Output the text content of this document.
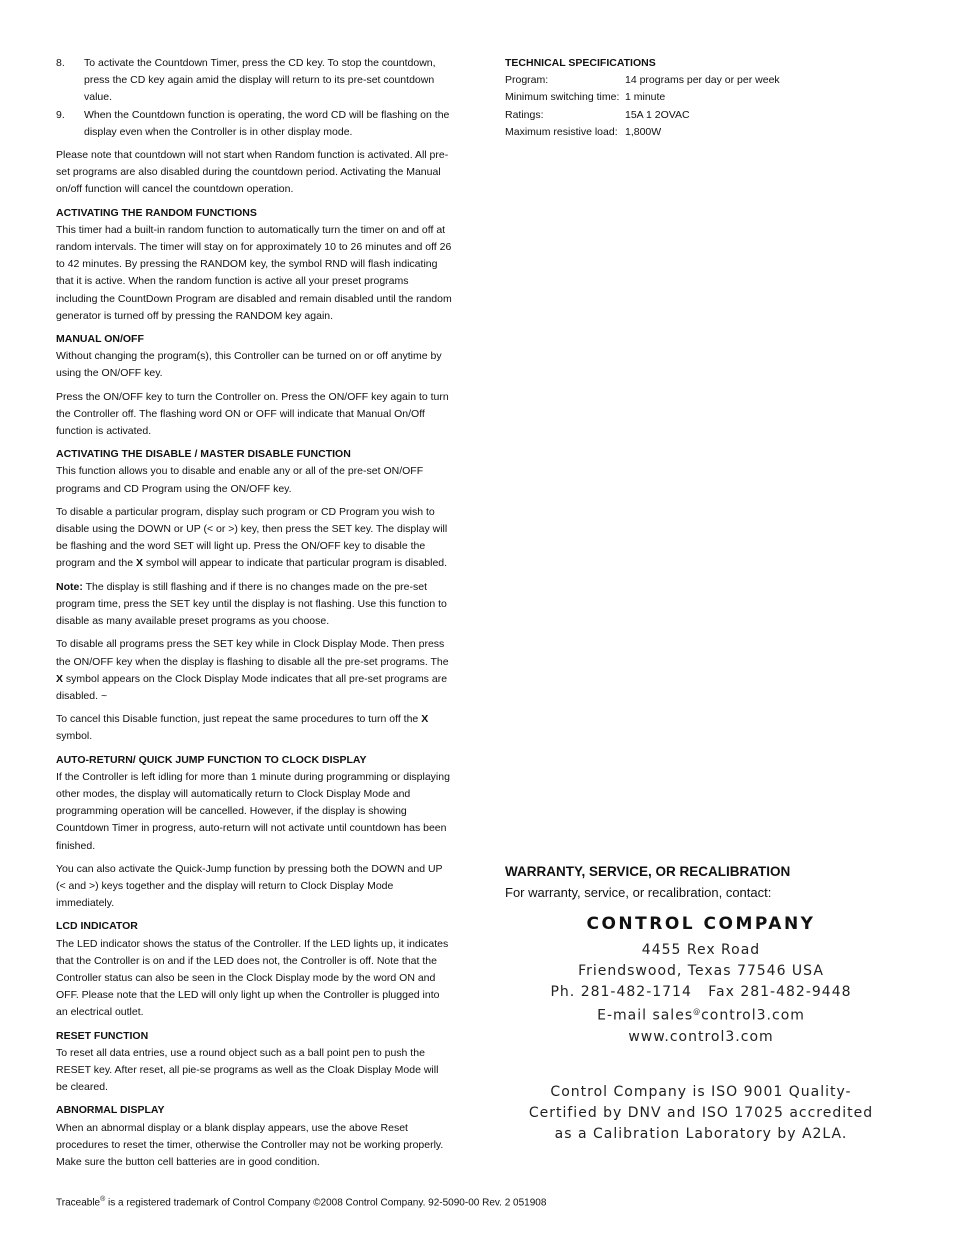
8. To activate the Countdown Timer, press the CD key. To stop the countdown, press the CD key again amid the display will return to its pre-set countdown value.
9. When the Countdown function is operating, the word CD will be flashing on the display even when the Controller is in other display mode.

Please note that countdown will not start when Random function is activated. All pre-set programs are also disabled during the countdown period. Activating the Manual on/off function will cancel the countdown operation.

ACTIVATING THE RANDOM FUNCTIONS

This timer had a built-in random function to automatically turn the timer on and off at random intervals. The timer will stay on for approximately 10 to 26 minutes and off 26 to 42 minutes. By pressing the RANDOM key, the symbol RND will flash indicating that it is active. When the random function is active all your preset programs including the CountDown Program are disabled and remain disabled until the random generator is turned off by pressing the RANDOM key again.

MANUAL ON/OFF

Without changing the program(s), this Controller can be turned on or off anytime by using the ON/OFF key.

Press the ON/OFF key to turn the Controller on. Press the ON/OFF key again to turn the Controller off. The flashing word ON or OFF will indicate that Manual On/Off function is activated.

ACTIVATING THE DISABLE / MASTER DISABLE FUNCTION

This function allows you to disable and enable any or all of the pre-set ON/OFF programs and CD Program using the ON/OFF key.

To disable a particular program, display such program or CD Program you wish to disable using the DOWN or UP (< or >) key, then press the SET key. The display will be flashing and the word SET will light up. Press the ON/OFF key to disable the program and the X symbol will appear to indicate that particular program is disabled.

Note: The display is still flashing and if there is no changes made on the pre-set program time, press the SET key until the display is not flashing. Use this function to disable as many available preset programs as you choose.

To disable all programs press the SET key while in Clock Display Mode. Then press the ON/OFF key when the display is flashing to disable all the pre-set programs. The X symbol appears on the Clock Display Mode indicates that all pre-set programs are disabled. ~

To cancel this Disable function, just repeat the same procedures to turn off the X symbol.

AUTO-RETURN/ QUICK JUMP FUNCTION TO CLOCK DISPLAY

If the Controller is left idling for more than 1 minute during programming or displaying other modes, the display will automatically return to Clock Display Mode and programming operation will be cancelled. However, if the display is showing Countdown Timer in progress, auto-return will not activate until countdown has been finished.

You can also activate the Quick-Jump function by pressing both the DOWN and UP (< and >) keys together and the display will return to Clock Display Mode immediately.

LCD INDICATOR

The LED indicator shows the status of the Controller. If the LED lights up, it indicates that the Controller is on and if the LED does not, the Controller is off. Note that the Controller status can also be seen in the Clock Display mode by the word ON and OFF. Please note that the LED will only light up when the Controller is plugged into an electrical outlet.

RESET FUNCTION

To reset all data entries, use a round object such as a ball point pen to push the RESET key. After reset, all pie-se programs as well as the Cloak Display Mode will be cleared.

ABNORMAL DISPLAY

When an abnormal display or a blank display appears, use the above Reset procedures to reset the timer, otherwise the Controller may not be working properly. Make sure the button cell batteries are in good condition.

TECHNICAL SPECIFICATIONS
Program:	14 programs per day or per week
Minimum switching time:	1 minute
Ratings:	15A 1 2OVAC
Maximum resistive load:	1,800W
WARRANTY, SERVICE, OR RECALIBRATION
For warranty, service, or recalibration, contact:
CONTROL COMPANY
4455 Rex Road
Friendswood, Texas 77546 USA
Ph. 281-482-1714 Fax 281-482-9448
E-mail sales@control3.com
www.control3.com
Control Company is ISO 9001 Quality-
Certified by DNV and ISO 17025 accredited
as a Calibration Laboratory by A2LA.
Traceable® is a registered trademark of Control Company ©2008 Control Company. 92-5090-00 Rev. 2 051908
